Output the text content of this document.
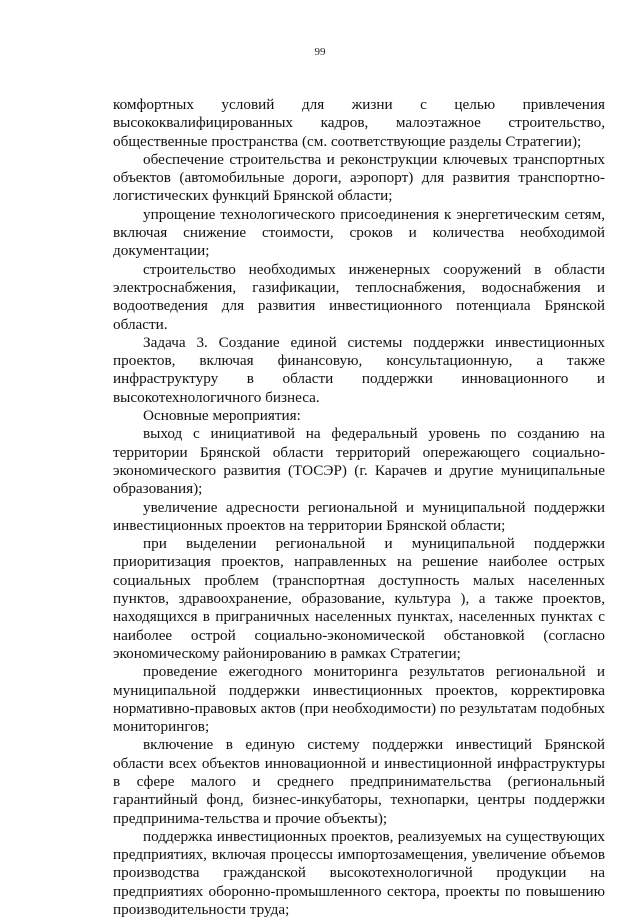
99

комфортных условий для жизни с целью привлечения высококвалифицированных кадров, малоэтажное строительство, общественные пространства (см. соответствующие разделы Стратегии);

обеспечение строительства и реконструкции ключевых транспортных объектов (автомобильные дороги, аэропорт) для развития транспортно-логистических функций Брянской области;

упрощение технологического присоединения к энергетическим сетям, включая снижение стоимости, сроков и количества необходимой документации;

строительство необходимых инженерных сооружений в области электроснабжения, газификации, теплоснабжения, водоснабжения и водоотведения для развития инвестиционного потенциала Брянской области.

Задача 3. Создание единой системы поддержки инвестиционных проектов, включая финансовую, консультационную, а также инфраструктуру в области поддержки инновационного и высокотехнологичного бизнеса.

Основные мероприятия:

выход с инициативой на федеральный уровень по созданию на территории Брянской области территорий опережающего социально-экономического развития (ТОСЭР) (г. Карачев и другие муниципальные образования);

увеличение адресности региональной и муниципальной поддержки инвестиционных проектов на территории Брянской области;

при выделении региональной и муниципальной поддержки приоритизация проектов, направленных на решение наиболее острых социальных проблем (транспортная доступность малых населенных пунктов, здравоохранение, образование, культура ), а также проектов, находящихся в приграничных населенных пунктах, населенных пунктах с наиболее острой социально-экономической обстановкой (согласно экономическому районированию в рамках Стратегии;

проведение ежегодного мониторинга результатов региональной и муниципальной поддержки инвестиционных проектов, корректировка нормативно-правовых актов (при необходимости) по результатам подобных мониторингов;

включение в единую систему поддержки инвестиций Брянской области всех объектов инновационной и инвестиционной инфраструктуры в сфере малого и среднего предпринимательства (региональный гарантийный фонд, бизнес-инкубаторы, технопарки, центры поддержки предпринима-тельства и прочие объекты);

поддержка инвестиционных проектов, реализуемых на существующих предприятиях, включая процессы импортозамещения, увеличение объемов производства гражданской высокотехнологичной продукции на предприятиях оборонно-промышленного сектора, проекты по повышению производительности труда;
